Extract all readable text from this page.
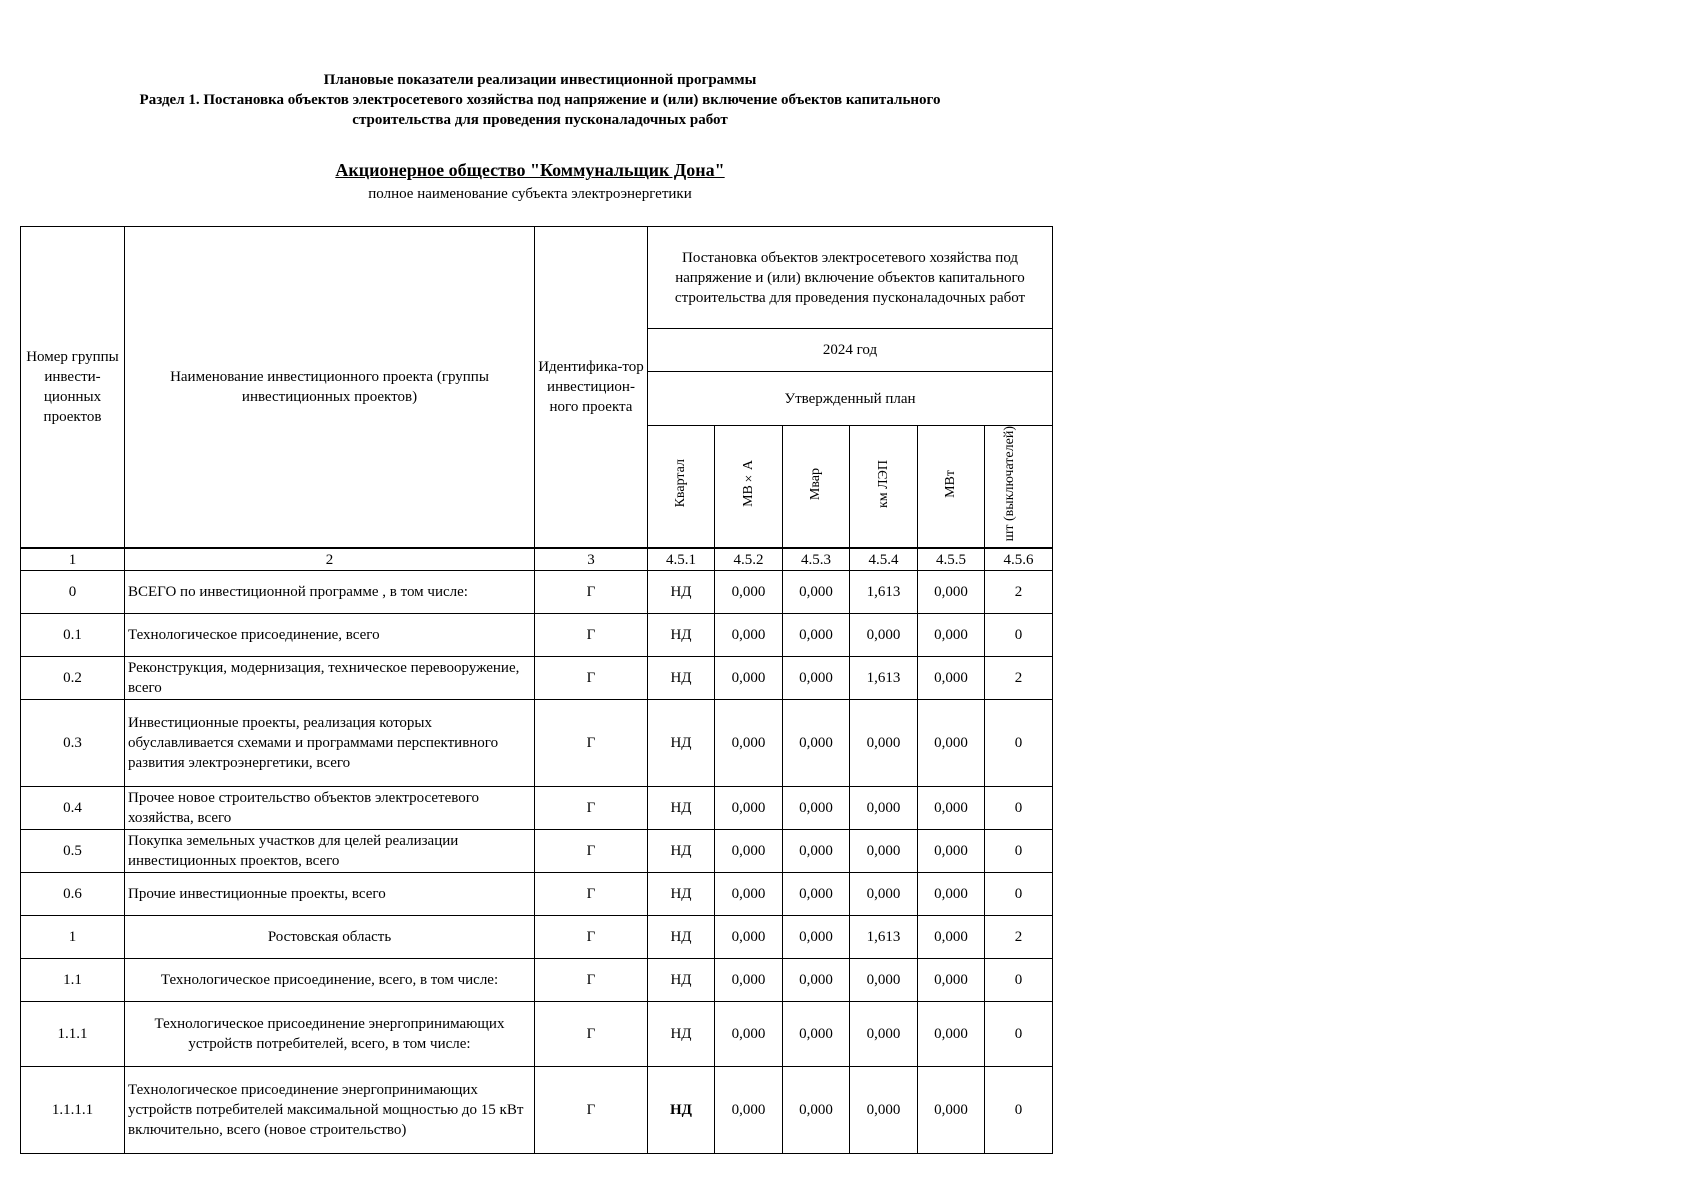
Плановые показатели реализации инвестиционной программы
Раздел 1. Постановка объектов электросетевого хозяйства под напряжение и (или) включение объектов капитального
строительства для проведения пусконаладочных работ
Акционерное общество "Коммунальщик Дона"
полное наименование субъекта электроэнергетики
Номер группы инвести-ционных проектов	Наименование инвестиционного проекта (группы инвестиционных проектов)	Идентифика-тор инвестицион-ного проекта	Постановка объектов электросетевого хозяйства под напряжение и (или) включение объектов капитального строительства для проведения пусконаладочных работ					
			2024 год					
			Утвержденный план					
			Квартал	МВ×А	Мвар	км ЛЭП	МВт	шт (выключателей)
1	2	3	4.5.1	4.5.2	4.5.3	4.5.4	4.5.5	4.5.6
0	ВСЕГО по инвестиционной программе , в том числе:	Г	НД	0,000	0,000	1,613	0,000	2
0.1	Технологическое присоединение, всего	Г	НД	0,000	0,000	0,000	0,000	0
0.2	Реконструкция, модернизация, техническое перевооружение, всего	Г	НД	0,000	0,000	1,613	0,000	2
0.3	Инвестиционные проекты, реализация которых обуславливается схемами и программами перспективного развития электроэнергетики, всего	Г	НД	0,000	0,000	0,000	0,000	0
0.4	Прочее новое строительство объектов электросетевого хозяйства, всего	Г	НД	0,000	0,000	0,000	0,000	0
0.5	Покупка земельных участков для целей реализации инвестиционных проектов, всего	Г	НД	0,000	0,000	0,000	0,000	0
0.6	Прочие инвестиционные проекты, всего	Г	НД	0,000	0,000	0,000	0,000	0
1	Ростовская область	Г	НД	0,000	0,000	1,613	0,000	2
1.1	Технологическое присоединение, всего, в том числе:	Г	НД	0,000	0,000	0,000	0,000	0
1.1.1	Технологическое присоединение энергопринимающих устройств потребителей, всего, в том числе:	Г	НД	0,000	0,000	0,000	0,000	0
1.1.1.1	Технологическое присоединение энергопринимающих устройств потребителей максимальной мощностью до 15 кВт включительно, всего (новое строительство)	Г	НД	0,000	0,000	0,000	0,000	0
